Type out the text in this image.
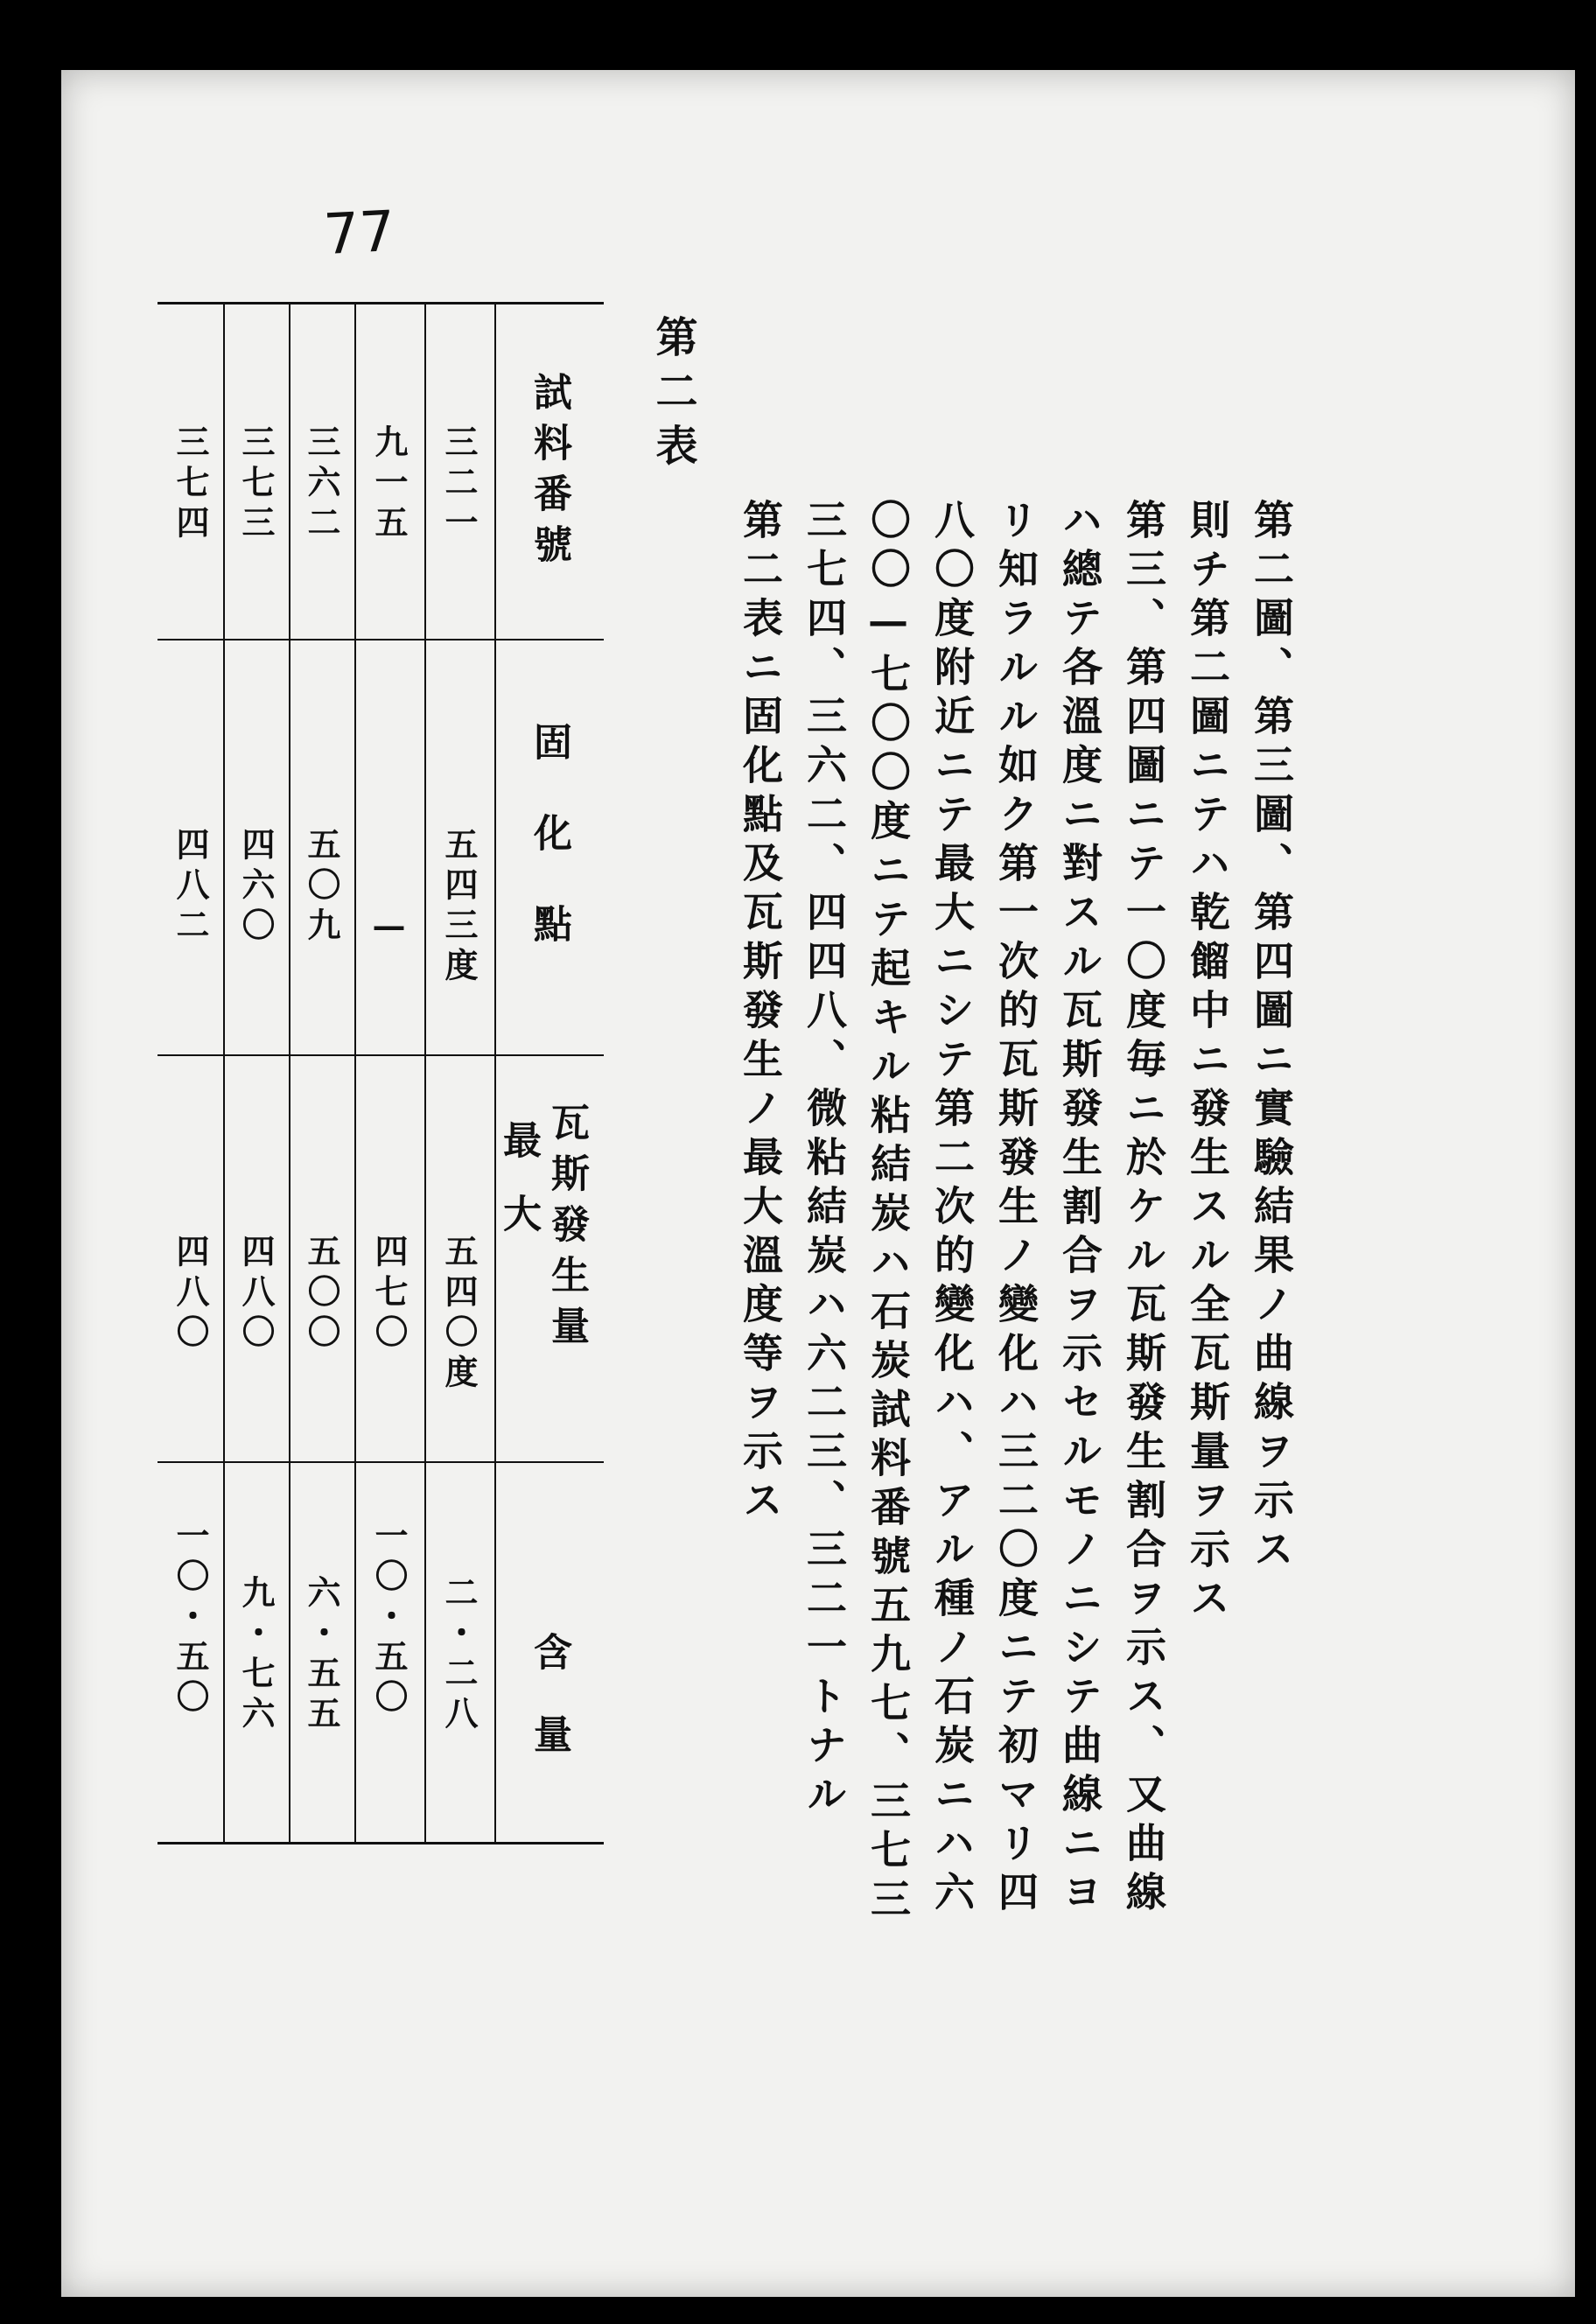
77
第二圖、第三圖、第四圖ニ實驗結果ノ曲線ヲ示ス
則チ第二圖ニテハ乾餾中ニ發生スル全瓦斯量ヲ示ス
第三、第四圖ニテ一〇度毎ニ於ケル瓦斯發生割合ヲ示ス、又曲線
ハ總テ各溫度ニ對スル瓦斯發生割合ヲ示セルモノニシテ曲線ニヨ
リ知ラルル如ク第一次的瓦斯發生ノ變化ハ三二〇度ニテ初マリ四
八〇度附近ニテ最大ニシテ第二次的變化ハ、アル種ノ石炭ニハ六
〇〇—七〇〇度ニテ起キル粘結炭ハ石炭試料番號五九七、三七三
三七四、三六二、四四八、微粘結炭ハ六二三、三二一トナル
第二表ニ固化點及瓦斯發生ノ最大溫度等ヲ示ス
第二表
試料番號
固化點
瓦斯發生量
最大
含量
三二一
五四三度
五四〇度
二・二八
九一五
—
四七〇
一〇・五〇
三六二
五〇九
五〇〇
六・五五
三七三
四六〇
四八〇
九・七六
三七四
四八二
四八〇
一〇・五〇
